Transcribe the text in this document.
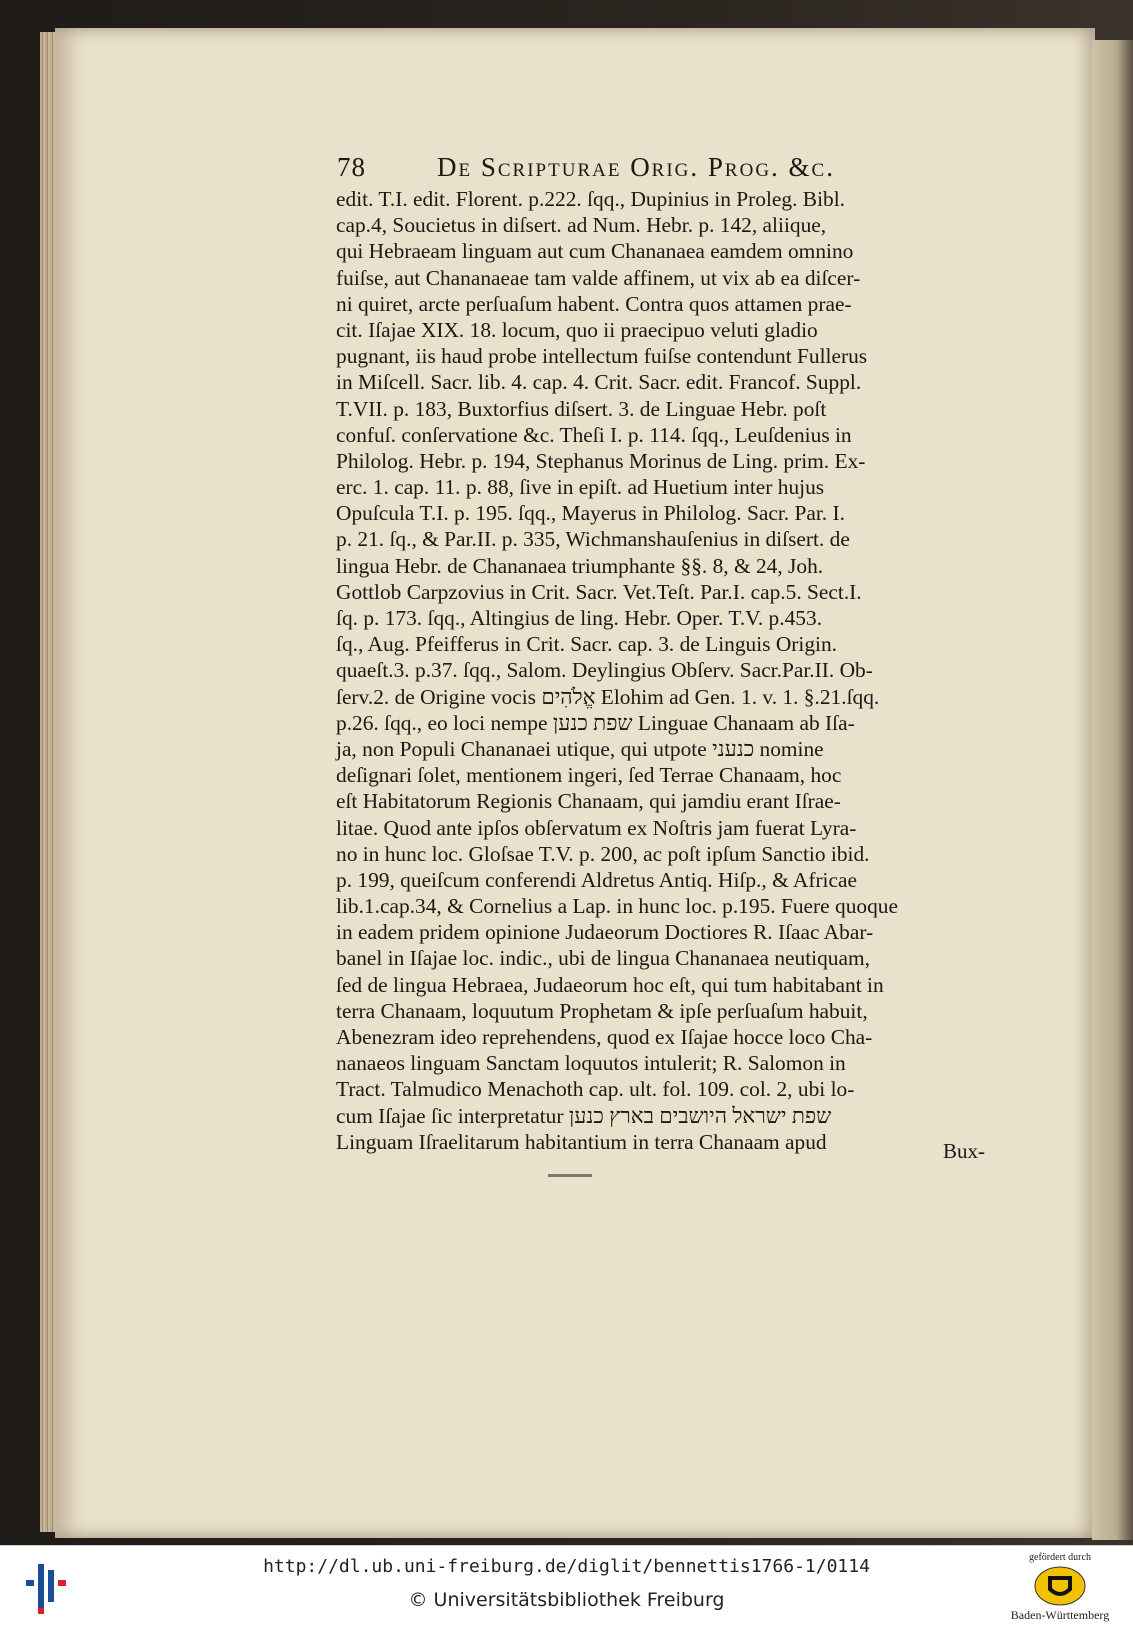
78	De Scripturae Orig. Prog. &c.
edit. T.I. edit. Florent. p.222. ſqq., Dupinius in Proleg. Bibl.
cap.4, Soucietus in diſsert. ad Num. Hebr. p. 142, aliique,
qui Hebraeam linguam aut cum Chananaea eamdem omnino
fuiſse, aut Chananaeae tam valde affinem, ut vix ab ea diſcer-
ni quiret, arcte perſuaſum habent. Contra quos attamen prae-
cit. Iſajae XIX. 18. locum, quo ii praecipuo veluti gladio
pugnant, iis haud probe intellectum fuiſse contendunt Fullerus
in Miſcell. Sacr. lib. 4. cap. 4. Crit. Sacr. edit. Francof. Suppl.
T.VII. p. 183, Buxtorfius diſsert. 3. de Linguae Hebr. poſt
confuſ. conſervatione &c. Theſi I. p. 114. ſqq., Leuſdenius in
Philolog. Hebr. p. 194, Stephanus Morinus de Ling. prim. Ex-
erc. 1. cap. 11. p. 88, ſive in epiſt. ad Huetium inter hujus
Opuſcula T.I. p. 195. ſqq., Mayerus in Philolog. Sacr. Par. I.
p. 21. ſq., & Par.II. p. 335, Wichmanshauſenius in diſsert. de
lingua Hebr. de Chananaea triumphante §§. 8, & 24, Joh.
Gottlob Carpzovius in Crit. Sacr. Vet.Teſt. Par.I. cap.5. Sect.I.
ſq. p. 173. ſqq., Altingius de ling. Hebr. Oper. T.V. p.453.
ſq., Aug. Pfeifferus in Crit. Sacr. cap. 3. de Linguis Origin.
quaeſt.3. p.37. ſqq., Salom. Deylingius Obſerv. Sacr.Par.II. Ob-
ſerv.2. de Origine vocis אֱלֹהִים Elohim ad Gen. 1. v. 1. §.21.ſqq.
p.26. ſqq., eo loci nempe שפת כנען Linguae Chanaam ab Iſa-
ja, non Populi Chananaei utique, qui utpote כנעני nomine
deſignari ſolet, mentionem ingeri, ſed Terrae Chanaam, hoc
eſt Habitatorum Regionis Chanaam, qui jamdiu erant Iſrae-
litae. Quod ante ipſos obſervatum ex Noſtris jam fuerat Lyra-
no in hunc loc. Gloſsae T.V. p. 200, ac poſt ipſum Sanctio ibid.
p. 199, queiſcum conferendi Aldretus Antiq. Hiſp., & Africae
lib.1.cap.34, & Cornelius a Lap. in hunc loc. p.195. Fuere quoque
in eadem pridem opinione Judaeorum Doctiores R. Iſaac Abar-
banel in Iſajae loc. indic., ubi de lingua Chananaea neutiquam,
ſed de lingua Hebraea, Judaeorum hoc eſt, qui tum habitabant in
terra Chanaam, loquutum Prophetam & ipſe perſuaſum habuit,
Abenezram ideo reprehendens, quod ex Iſajae hocce loco Cha-
nanaeos linguam Sanctam loquutos intulerit; R. Salomon in
Tract. Talmudico Menachoth cap. ult. fol. 109. col. 2, ubi lo-
cum Iſajae ſic interpretatur שפת ישראל היושבים בארץ כנען
Linguam Iſraelitarum habitantium in terra Chanaam apud	Bux-
http://dl.ub.uni-freiburg.de/diglit/bennettis1766-1/0114
© Universitätsbibliothek Freiburg
gefördert durch
Baden-Württemberg
